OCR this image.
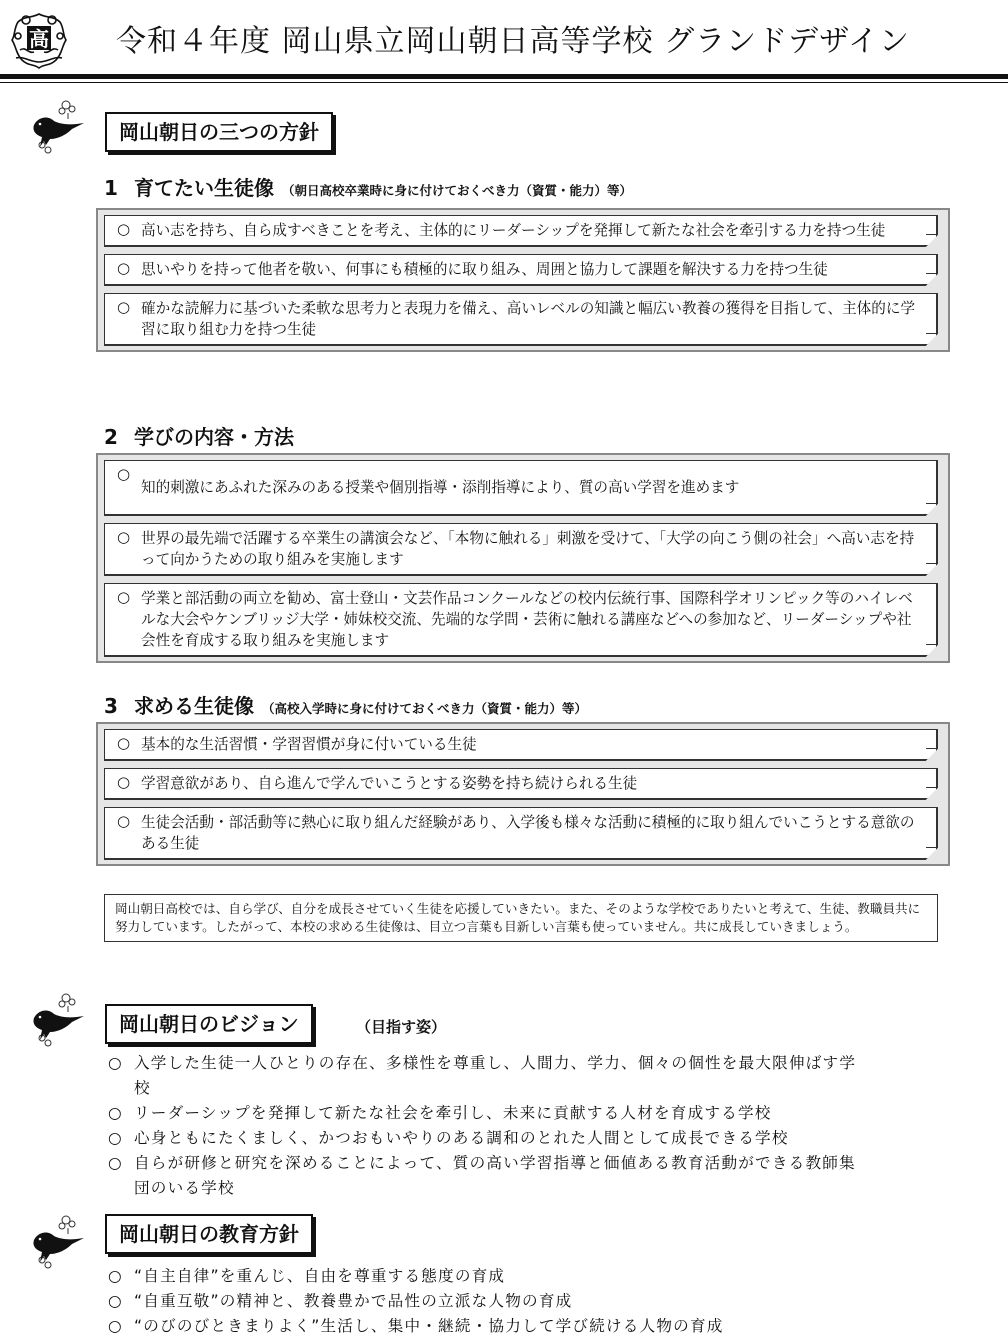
高 令和４年度 岡山県立岡山朝日高等学校 グランドデザイン
岡山朝日の三つの方針
1 育てたい生徒像 （朝日高校卒業時に身に付けておくべき力（資質・能力）等）
○ 高い志を持ち、自ら成すべきことを考え、主体的にリーダーシップを発揮して新たな社会を牽引する力を持つ生徒
○ 思いやりを持って他者を敬い、何事にも積極的に取り組み、周囲と協力して課題を解決する力を持つ生徒
○ 確かな読解力に基づいた柔軟な思考力と表現力を備え、高いレベルの知識と幅広い教養の獲得を目指して、主体的に学習に取り組む力を持つ生徒
2 学びの内容・方法
○ 知的刺激にあふれた深みのある授業や個別指導・添削指導により、質の高い学習を進めます
○ 世界の最先端で活躍する卒業生の講演会など、「本物に触れる」刺激を受けて、「大学の向こう側の社会」へ高い志を持って向かうための取り組みを実施します
○ 学業と部活動の両立を勧め、富士登山・文芸作品コンクールなどの校内伝統行事、国際科学オリンピック等のハイレベルな大会やケンブリッジ大学・姉妹校交流、先端的な学問・芸術に触れる講座などへの参加など、リーダーシップや社会性を育成する取り組みを実施します
3 求める生徒像 （高校入学時に身に付けておくべき力（資質・能力）等）
○ 基本的な生活習慣・学習習慣が身に付いている生徒
○ 学習意欲があり、自ら進んで学んでいこうとする姿勢を持ち続けられる生徒
○ 生徒会活動・部活動等に熱心に取り組んだ経験があり、入学後も様々な活動に積極的に取り組んでいこうとする意欲のある生徒
岡山朝日高校では、自ら学び、自分を成長させていく生徒を応援していきたい。また、そのような学校でありたいと考えて、生徒、教職員共に努力しています。したがって、本校の求める生徒像は、目立つ言葉も目新しい言葉も使っていません。共に成長していきましょう。
岡山朝日のビジョン	（目指す姿）
○ 入学した生徒一人ひとりの存在、多様性を尊重し、人間力、学力、個々の個性を最大限伸ばす学校
○ リーダーシップを発揮して新たな社会を牽引し、未来に貢献する人材を育成する学校
○ 心身ともにたくましく、かつおもいやりのある調和のとれた人間として成長できる学校
○ 自らが研修と研究を深めることによって、質の高い学習指導と価値ある教育活動ができる教師集団のいる学校
岡山朝日の教育方針
○ “自主自律”を重んじ、自由を尊重する態度の育成
○ “自重互敬”の精神と、教養豊かで品性の立派な人物の育成
○ “のびのびときまりよく”生活し、集中・継続・協力して学び続ける人物の育成
